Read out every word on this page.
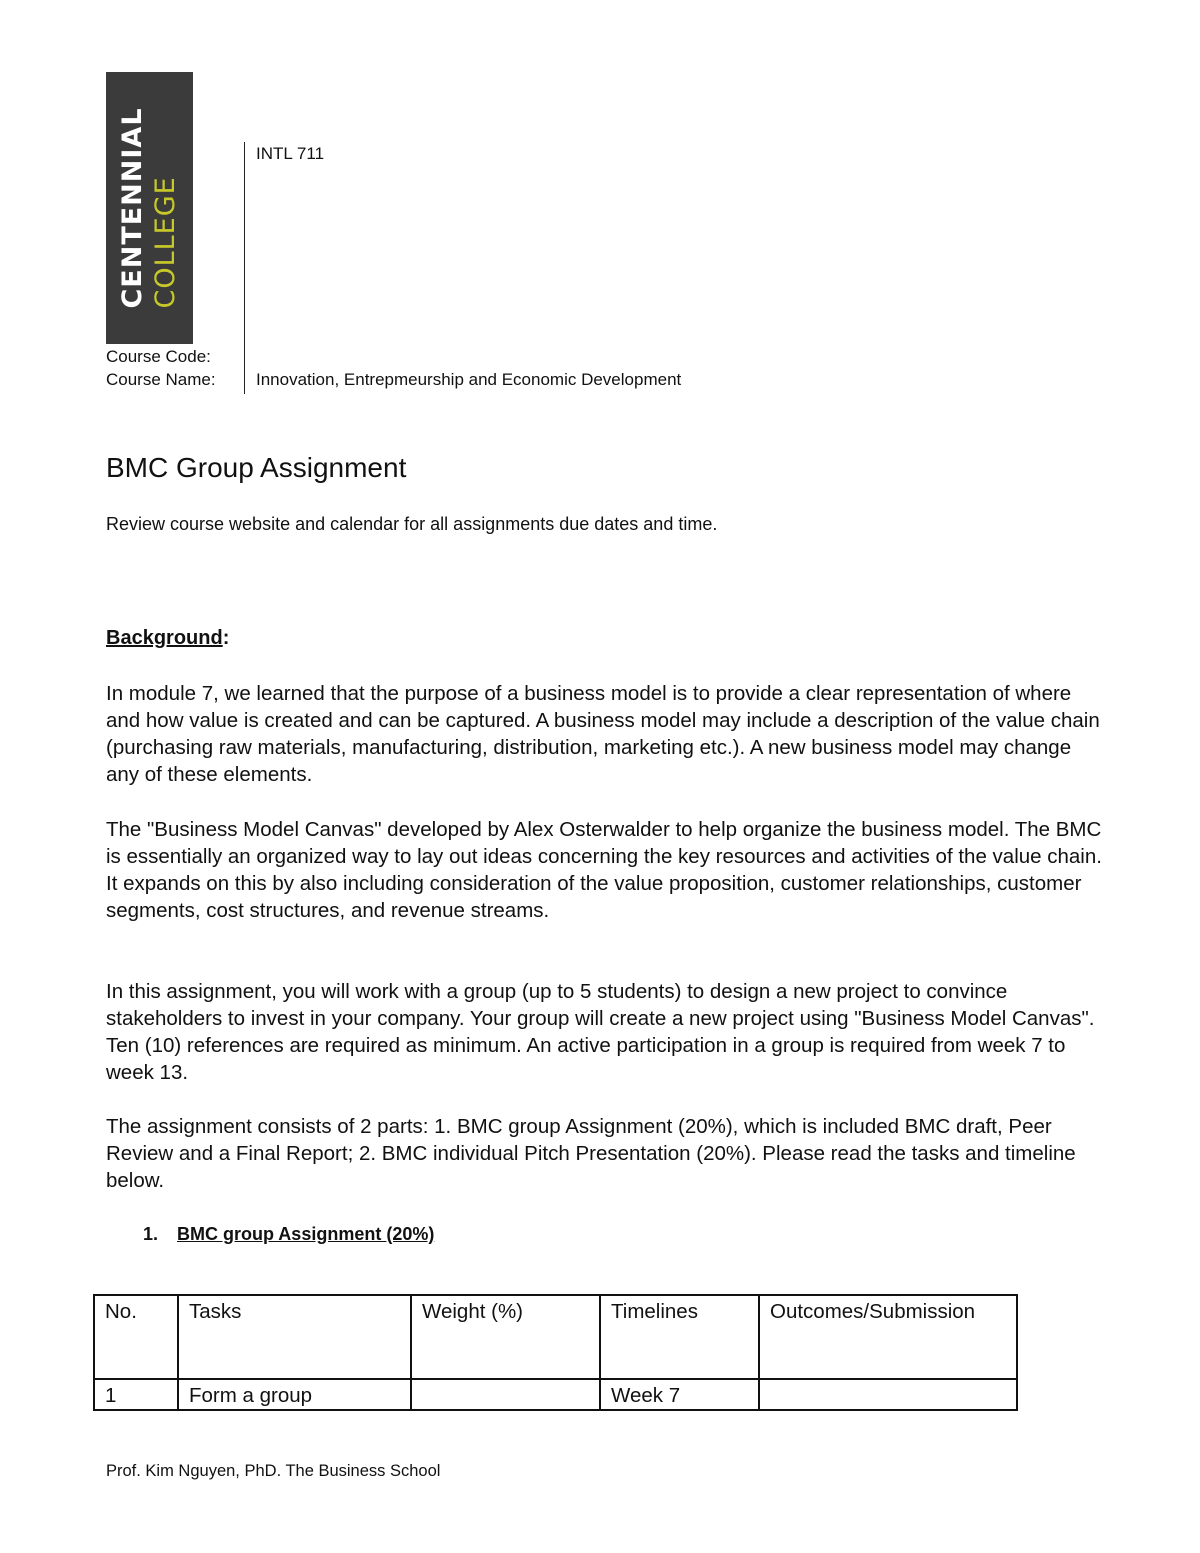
CENTENNIAL COLLEGE
INTL 711
Course Code:
Course Name: Innovation, Entrepmeurship and Economic Development
BMC Group Assignment
Review course website and calendar for all assignments due dates and time.
Background:

In module 7, we learned that the purpose of a business model is to provide a clear representation of where and how value is created and can be captured. A business model may include a description of the value chain (purchasing raw materials, manufacturing, distribution, marketing etc.). A new business model may change any of these elements.

The "Business Model Canvas" developed by Alex Osterwalder to help organize the business model. The BMC is essentially an organized way to lay out ideas concerning the key resources and activities of the value chain. It expands on this by also including consideration of the value proposition, customer relationships, customer segments, cost structures, and revenue streams.

In this assignment, you will work with a group (up to 5 students) to design a new project to convince stakeholders to invest in your company. Your group will create a new project using "Business Model Canvas". Ten (10) references are required as minimum. An active participation in a group is required from week 7 to week 13.

The assignment consists of 2 parts: 1. BMC group Assignment (20%), which is included BMC draft, Peer Review and a Final Report; 2. BMC individual Pitch Presentation (20%). Please read the tasks and timeline below.

1. BMC group Assignment (20%)
No.	Tasks	Weight (%)	Timelines	Outcomes/Submission
1	Form a group		Week 7	
Prof. Kim Nguyen, PhD. The Business School
